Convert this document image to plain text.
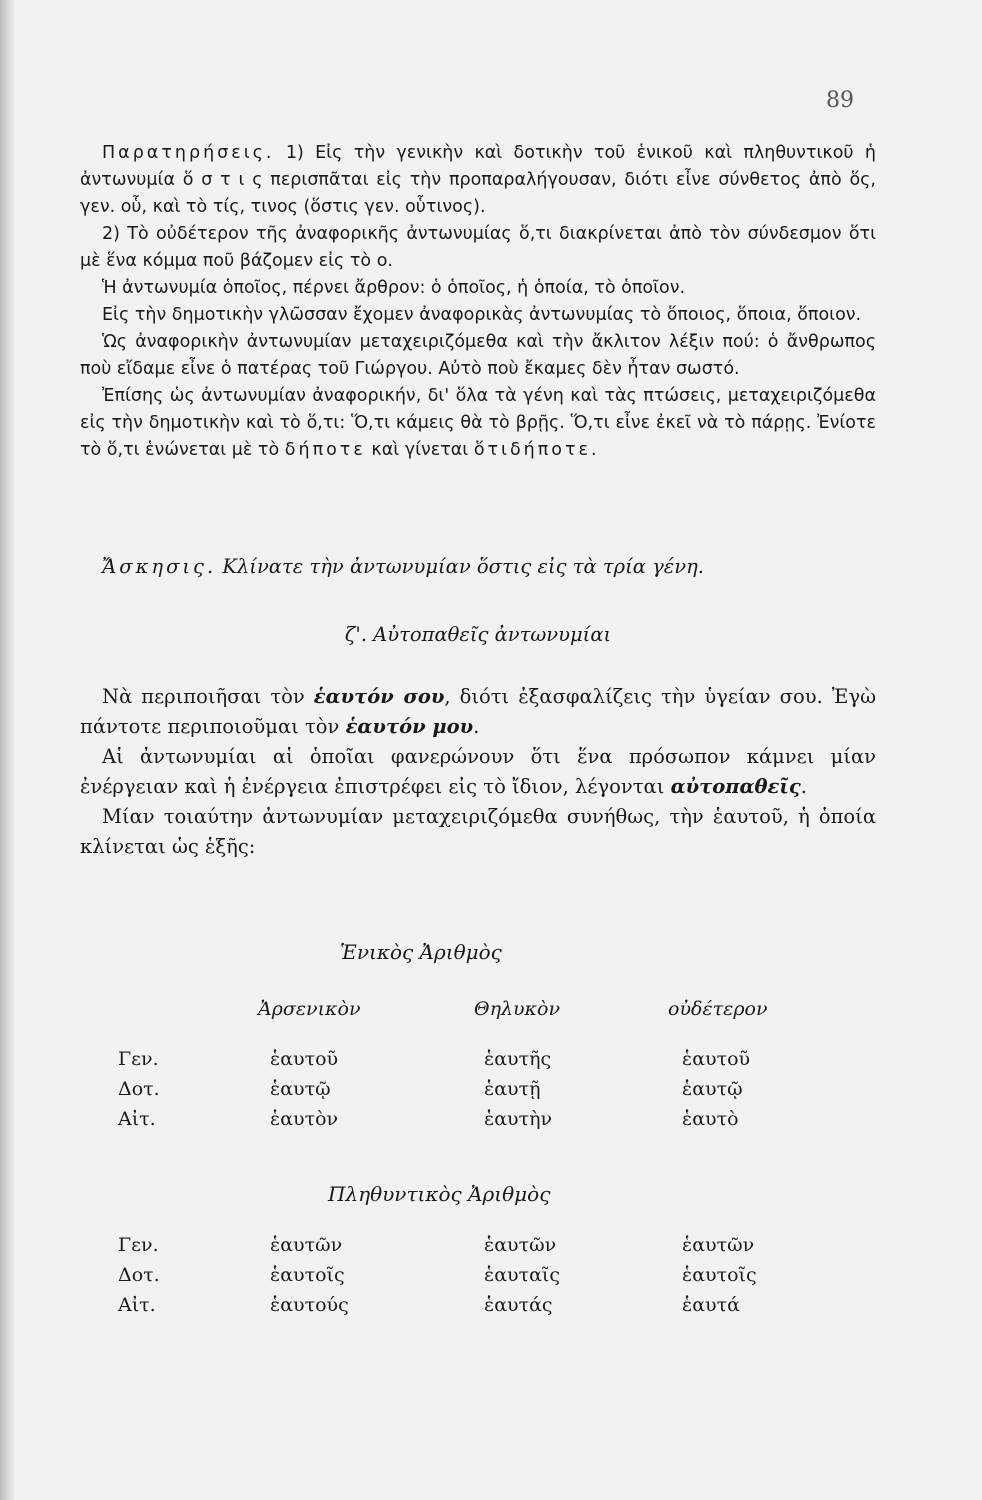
89

Παρατηρήσεις. 1) Εἰς τὴν γενικὴν καὶ δοτικὴν τοῦ ἑνικοῦ καὶ πληθυντικοῦ ἡ ἀντωνυμία ὅ σ τ ι ς περισπᾶται εἰς τὴν προπαραλήγουσαν, διότι εἶνε σύνθετος ἀπὸ ὅς, γεν. οὗ, καὶ τὸ τίς, τινος (ὅστις γεν. οὗτινος).

2) Τὸ οὐδέτερον τῆς ἀναφορικῆς ἀντωνυμίας ὅ,τι διακρίνεται ἀπὸ τὸν σύνδεσμον ὅτι μὲ ἕνα κόμμα ποῦ βάζομεν εἰς τὸ ο.

Ἡ ἀντωνυμία ὁποῖος, πέρνει ἄρθρον: ὁ ὁποῖος, ἡ ὁποία, τὸ ὁποῖον.

Εἰς τὴν δημοτικὴν γλῶσσαν ἔχομεν ἀναφορικὰς ἀντωνυμίας τὸ ὅποιος, ὅποια, ὅποιον.

Ὡς ἀναφορικὴν ἀντωνυμίαν μεταχειριζόμεθα καὶ τὴν ἄκλιτον λέξιν πού: ὁ ἄνθρωπος ποὺ εἴδαμε εἶνε ὁ πατέρας τοῦ Γιώργου. Αὐτὸ ποὺ ἔκαμες δὲν ἦταν σωστό.

Ἐπίσης ὡς ἀντωνυμίαν ἀναφορικήν, δι' ὅλα τὰ γένη καὶ τὰς πτώσεις, μεταχειριζόμεθα εἰς τὴν δημοτικὴν καὶ τὸ ὅ,τι: Ὅ,τι κάμεις θὰ τὸ βρῇς. Ὅ,τι εἶνε ἐκεῖ νὰ τὸ πάρῃς. Ἐνίοτε τὸ ὅ,τι ἑνώνεται μὲ τὸ δήποτε καὶ γίνεται ὅτιδήποτε.

Ἄσκησις. Κλίνατε τὴν ἀντωνυμίαν ὅστις εἰς τὰ τρία γένη.

ζ'. Αὐτοπαθεῖς ἀντωνυμίαι

Νὰ περιποιῆσαι τὸν ἑαυτόν σου, διότι ἐξασφαλίζεις τὴν ὑγείαν σου. Ἐγὼ πάντοτε περιποιοῦμαι τὸν ἑαυτόν μου.

Αἱ ἀντωνυμίαι αἱ ὁποῖαι φανερώνουν ὅτι ἕνα πρόσωπον κάμνει μίαν ἐνέργειαν καὶ ἡ ἐνέργεια ἐπιστρέφει εἰς τὸ ἴδιον, λέγονται αὐτοπαθεῖς.

Μίαν τοιαύτην ἀντωνυμίαν μεταχειριζόμεθα συνήθως, τὴν ἑαυτοῦ, ἡ ὁποία κλίνεται ὡς ἑξῆς:

Ἑνικὸς Ἀριθμὸς
Ἀρσενικὸν	Θηλυκὸν	οὐδέτερον
Γεν.	ἑαυτοῦ	ἑαυτῆς	ἑαυτοῦ
Δοτ.	ἑαυτῷ	ἑαυτῇ	ἑαυτῷ
Αἰτ.	ἑαυτὸν	ἑαυτὴν	ἑαυτὸ
Πληθυντικὸς Ἀριθμὸς
Γεν.	ἑαυτῶν	ἑαυτῶν	ἑαυτῶν
Δοτ.	ἑαυτοῖς	ἑαυταῖς	ἑαυτοῖς
Αἰτ.	ἑαυτούς	ἑαυτάς	ἑαυτά
